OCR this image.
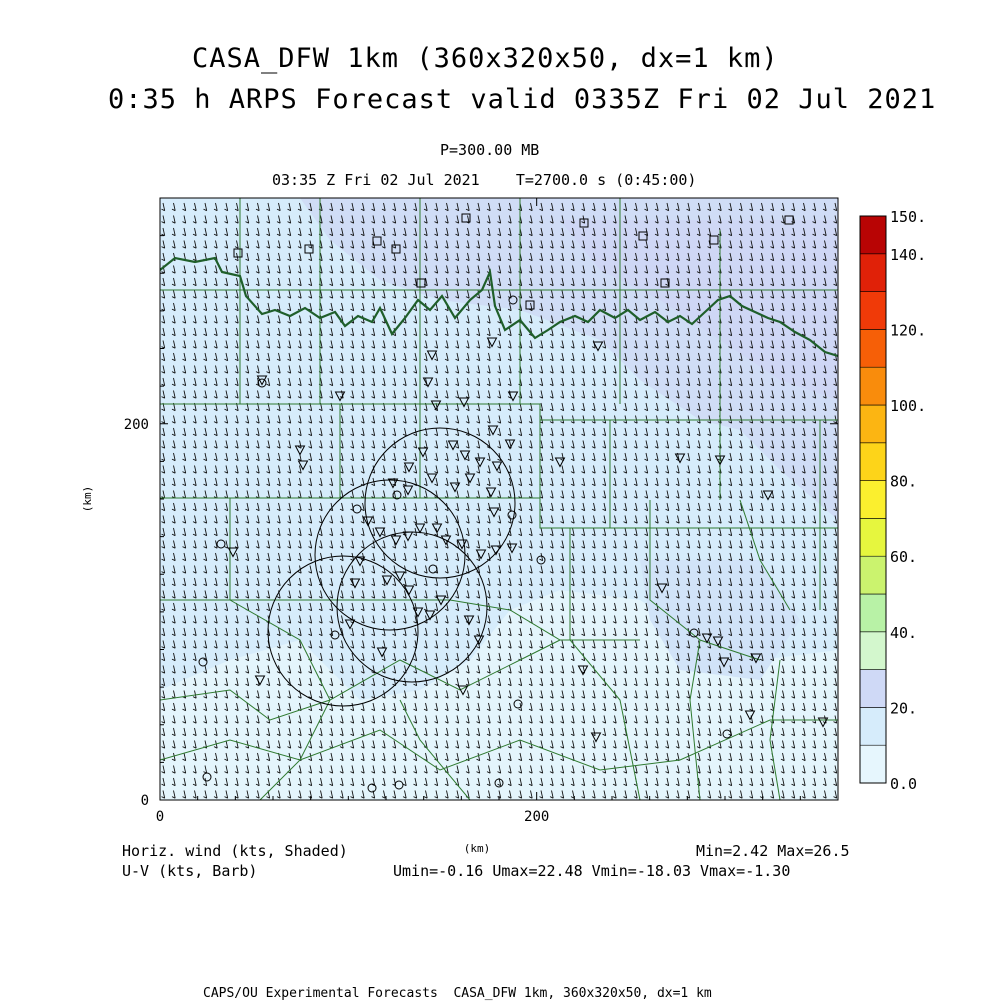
CASA_DFW 1km (360x320x50, dx=1 km)
0:35 h ARPS Forecast valid 0335Z Fri 02 Jul 2021
P=300.00 MB
03:35 Z Fri 02 Jul 2021    T=2700.0 s (0:45:00)
0	200
0
200
(km)
(km)
0.0
20.
40.
60.
80.
100.
120.
140.
150.
Horiz. wind (kts, Shaded)
U-V (kts, Barb)
Min=2.42 Max=26.5
Umin=-0.16 Umax=22.48 Vmin=-18.03 Vmax=-1.30
CAPS/OU Experimental Forecasts  CASA_DFW 1km, 360x320x50, dx=1 km
